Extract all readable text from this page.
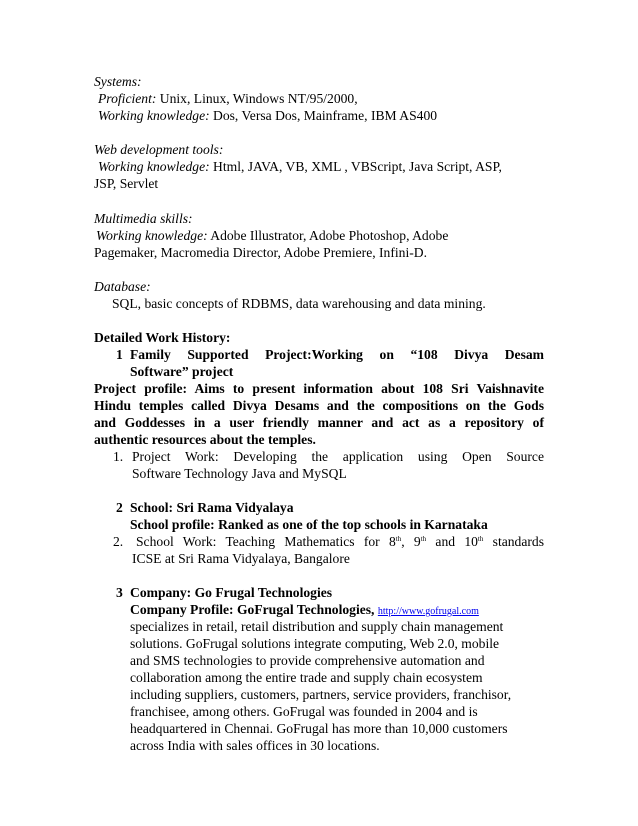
Systems:
Proficient: Unix, Linux, Windows NT/95/2000,
Working knowledge: Dos, Versa Dos, Mainframe, IBM AS400
Web development tools:
Working knowledge: Html, JAVA, VB, XML , VBScript, Java Script, ASP,
JSP, Servlet
Multimedia skills:
Working knowledge: Adobe Illustrator, Adobe Photoshop, Adobe
Pagemaker, Macromedia Director, Adobe Premiere, Infini-D.
Database:
SQL, basic concepts of RDBMS, data warehousing and data mining.
Detailed Work History:
1 Family Supported Project:Working on “108 Divya Desam
Software” project
Project profile: Aims to present information about 108 Sri Vaishnavite
Hindu temples called Divya Desams and the compositions on the Gods
and Goddesses in a user friendly manner and act as a repository of
authentic resources about the temples.
1. Project Work: Developing the application using Open Source
Software Technology Java and MySQL
2 School: Sri Rama Vidyalaya
School profile: Ranked as one of the top schools in Karnataka
2. School Work: Teaching Mathematics for 8th, 9th and 10th standards
ICSE at Sri Rama Vidyalaya, Bangalore
3 Company: Go Frugal Technologies
Company Profile: GoFrugal Technologies, http://www.gofrugal.com
specializes in retail, retail distribution and supply chain management
solutions. GoFrugal solutions integrate computing, Web 2.0, mobile
and SMS technologies to provide comprehensive automation and
collaboration among the entire trade and supply chain ecosystem
including suppliers, customers, partners, service providers, franchisor,
franchisee, among others. GoFrugal was founded in 2004 and is
headquartered in Chennai. GoFrugal has more than 10,000 customers
across India with sales offices in 30 locations.
